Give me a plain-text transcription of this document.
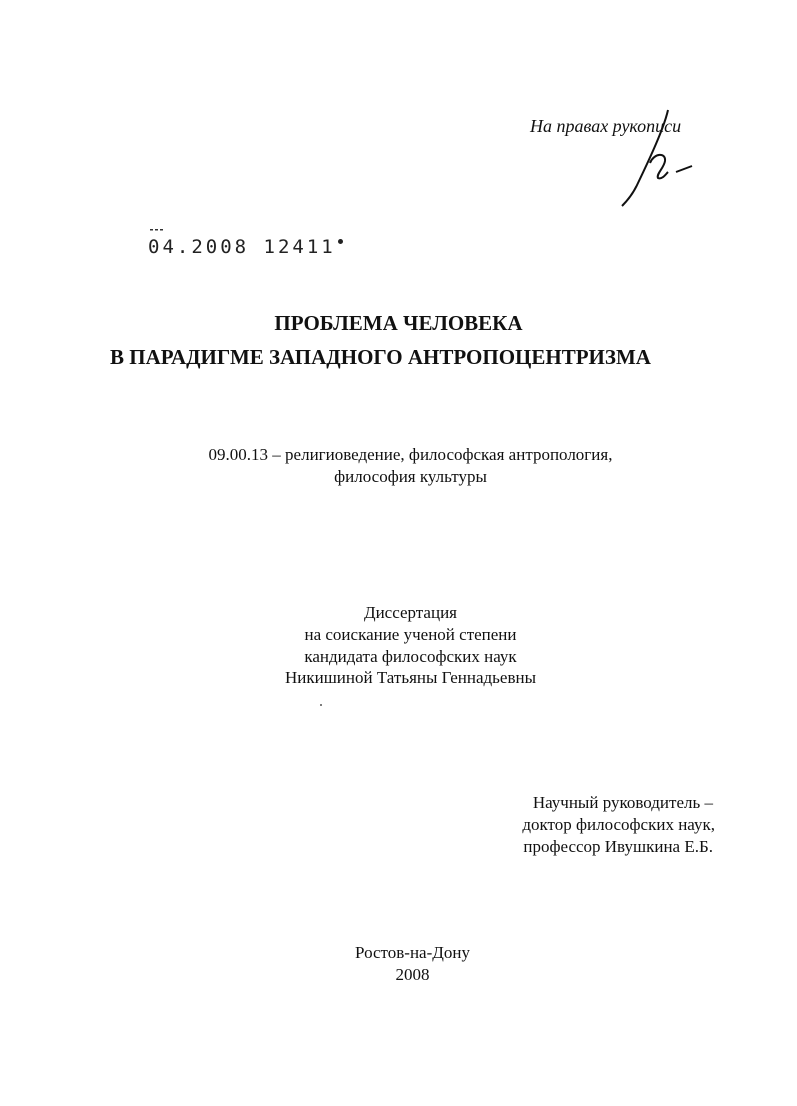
На правах рукописи
04.2008 12411
ПРОБЛЕМА ЧЕЛОВЕКА
В ПАРАДИГМЕ ЗАПАДНОГО АНТРОПОЦЕНТРИЗМА
09.00.13 – религиоведение, философская антропология,
философия культуры
Диссертация
на соискание ученой степени
кандидата философских наук
Никишиной Татьяны Геннадьевны
Научный руководитель –
доктор философских наук,
профессор Ивушкина Е.Б.
Ростов-на-Дону
2008
